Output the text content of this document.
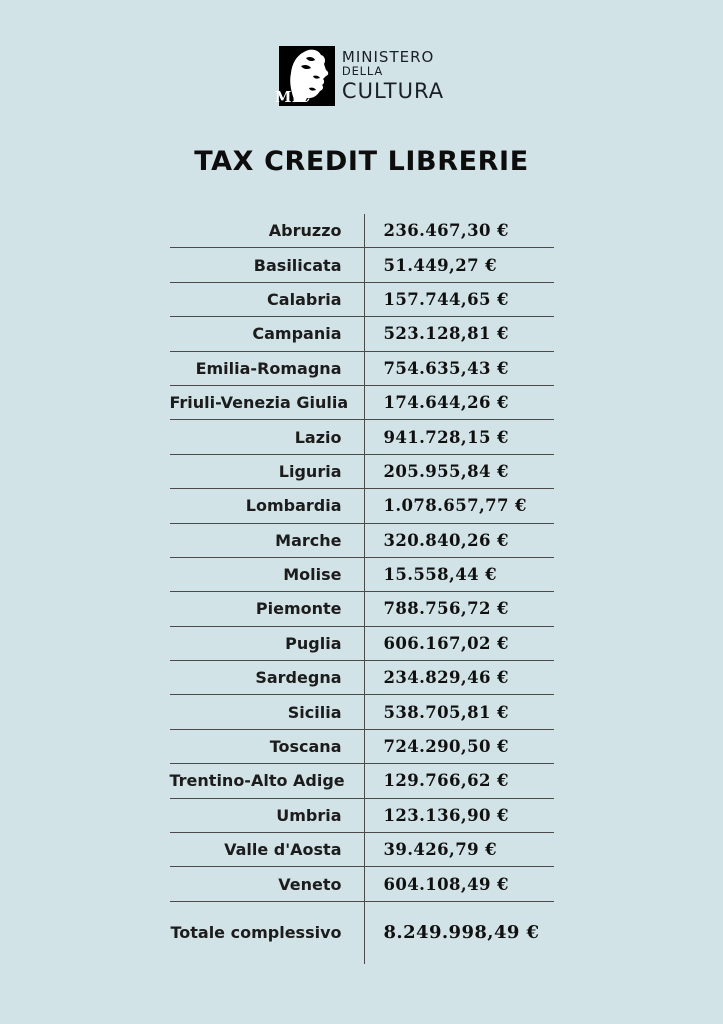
MiC
MINISTERO
DELLA
CULTURA
TAX CREDIT LIBRERIE
Abruzzo	236.467,30 €
Basilicata	51.449,27 €
Calabria	157.744,65 €
Campania	523.128,81 €
Emilia-Romagna	754.635,43 €
Friuli-Venezia Giulia	174.644,26 €
Lazio	941.728,15 €
Liguria	205.955,84 €
Lombardia	1.078.657,77 €
Marche	320.840,26 €
Molise	15.558,44 €
Piemonte	788.756,72 €
Puglia	606.167,02 €
Sardegna	234.829,46 €
Sicilia	538.705,81 €
Toscana	724.290,50 €
Trentino-Alto Adige	129.766,62 €
Umbria	123.136,90 €
Valle d'Aosta	39.426,79 €
Veneto	604.108,49 €
Totale complessivo	8.249.998,49 €
